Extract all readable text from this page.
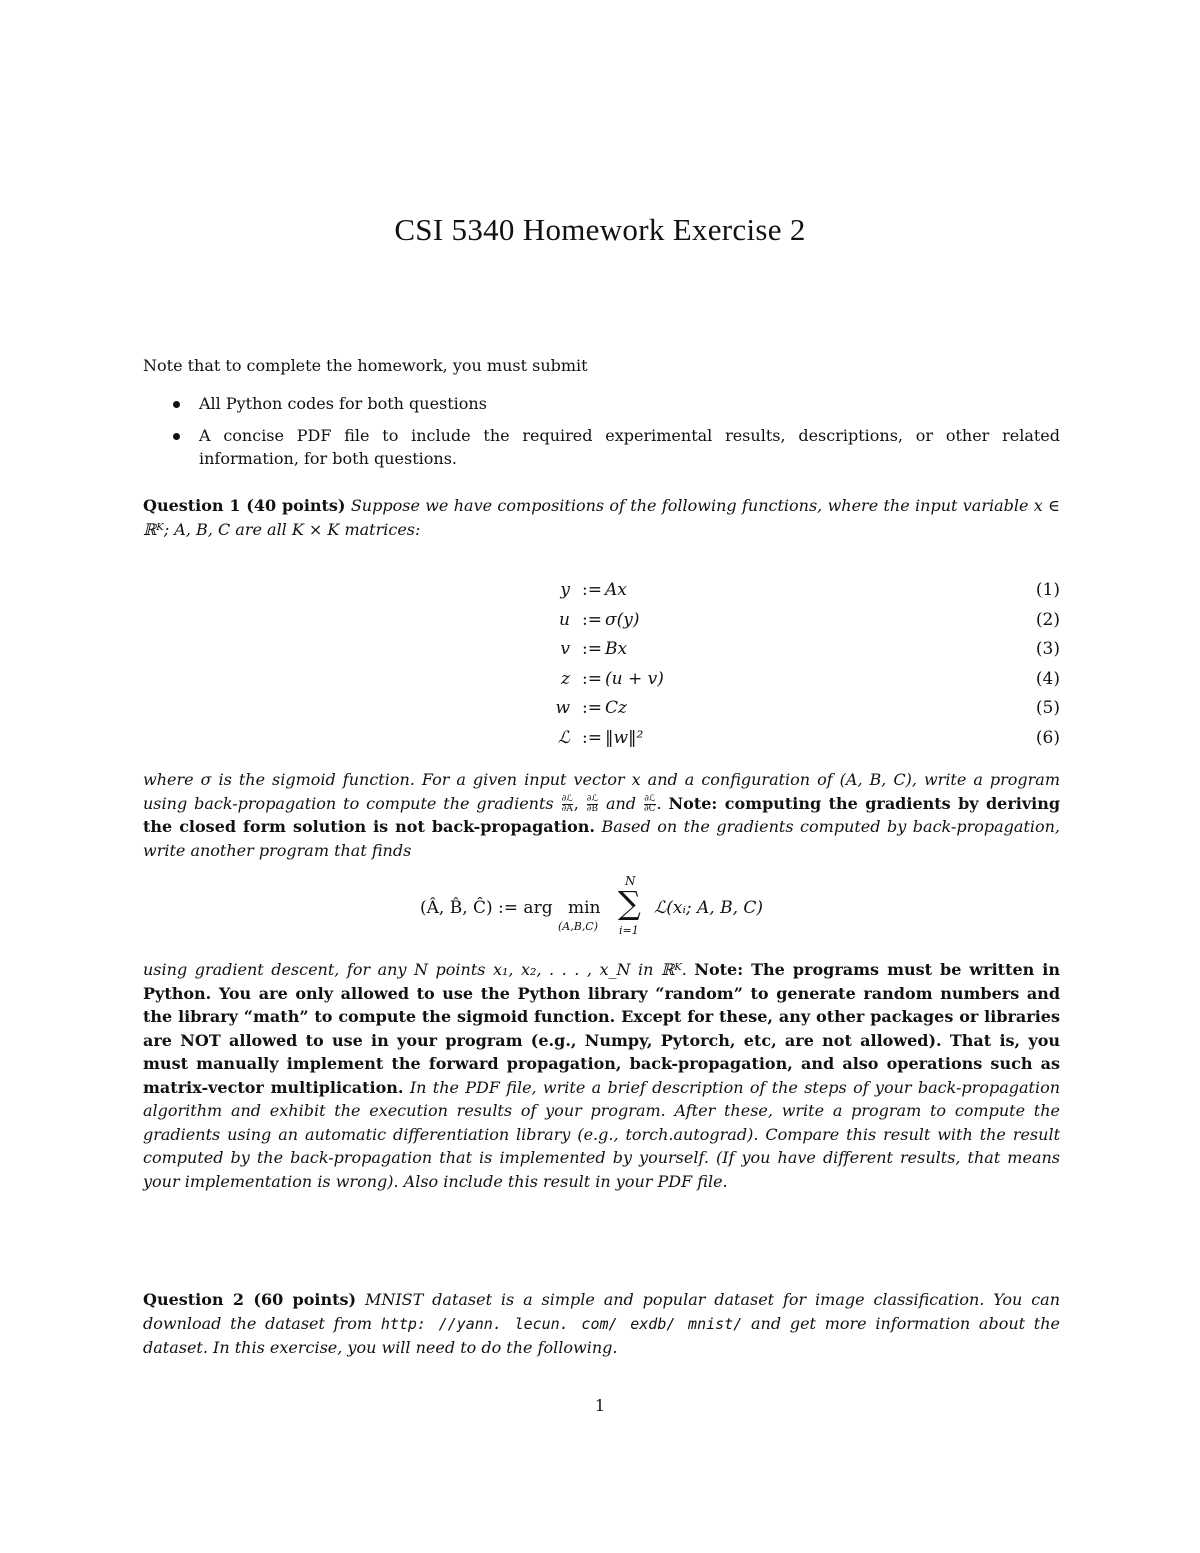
CSI 5340 Homework Exercise 2
Note that to complete the homework, you must submit
All Python codes for both questions
A concise PDF file to include the required experimental results, descriptions, or other related information, for both questions.
Question 1 (40 points) Suppose we have compositions of the following functions, where the input variable x ∈ ℝᴷ; A, B, C are all K × K matrices:
y := Ax	(1)
u := σ(y)	(2)
v := Bx	(3)
z := (u + v)	(4)
w := Cz	(5)
ℒ := ‖w‖²	(6)
where σ is the sigmoid function. For a given input vector x and a configuration of (A, B, C), write a program using back-propagation to compute the gradients $\frac{\text{∂ℒ}}{\partial A}$ , $\frac{\text{∂ℒ}}{\partial B}$ and $\frac{\text{∂ℒ}}{\partial C}$ . Note: computing the gradients by deriving the closed form solution is not back-propagation. Based on the gradients computed by back-propagation, write another program that finds
(Â, B̂, Ĉ) := arg min
(A,B,C)
N
∑
i=1
ℒ(xᵢ; A, B, C)
using gradient descent, for any N points x₁, x₂, . . . , x_N in ℝᴷ. Note: The programs must be written in Python. You are only allowed to use the Python library “random” to generate random numbers and the library “math” to compute the sigmoid function. Except for these, any other packages or libraries are NOT allowed to use in your program (e.g., Numpy, Pytorch, etc, are not allowed). That is, you must manually implement the forward propagation, back-propagation, and also operations such as matrix-vector multiplication. In the PDF file, write a brief description of the steps of your back-propagation algorithm and exhibit the execution results of your program. After these, write a program to compute the gradients using an automatic differentiation library (e.g., torch.autograd). Compare this result with the result computed by the back-propagation that is implemented by yourself. (If you have different results, that means your implementation is wrong). Also include this result in your PDF file.
Question 2 (60 points) MNIST dataset is a simple and popular dataset for image classification. You can download the dataset from http: //yann. lecun. com/ exdb/ mnist/ and get more information about the dataset. In this exercise, you will need to do the following.
1
